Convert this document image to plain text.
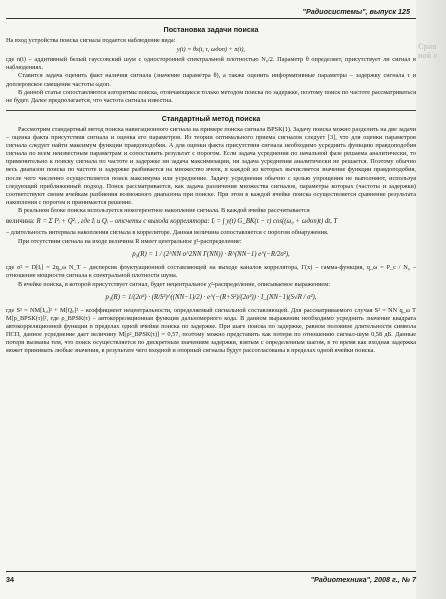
Срав ной о
"Радиосистемы", выпуск 125
Постановка задачи поиска

На вход устройства поиска сигнала подается наблюдение вида:

y(t) = θs(t, τ, ωдоп) + n(t),

где n(t) – аддитивный белый гауссовский шум с односторонней спектральной плотностью N₀/2. Параметр θ определяет, присутствует ли сигнал в наблюдениях.

Ставится задача оценить факт наличия сигнала (значение параметра θ), а также оценить информативные параметры – задержку сигнала τ и доплеровское смещение частоты ωдоп.

В данной статье сопоставляются алгоритмы поиска, отличающиеся только методом поиска по задержке, поэтому поиск по частоте рассматриваться не будет. Далее предполагается, что частота сигнала известна.

Стандартный метод поиска

Рассмотрим стандартный метод поиска навигационного сигнала на примере поиска сигнала BPSK(1). Задачу поиска можно разделить на две задачи – оценка факта присутствия сигнала и оценка его параметров. Из теории оптимального приема сигналов следует [3], что для оценки параметров сигнала следует найти максимум функции правдоподобия. А для оценки факта присутствия сигнала необходимо усреднить функцию правдоподобия сигнала по всем неизвестным параметрам и сопоставить результат с порогом. Если задача усреднения по начальной фазе решаема аналитически, то применительно к поиску сигнала по частоте и задержке ни задача максимизации, ни задача усреднения аналитически не решается. Поэтому обычно весь диапазон поиска по частоте и задержке разбивается на множество ячеек, в каждой из которых вычисляется значение функции правдоподобия, после чего численно осуществляется поиск максимума или усреднение. Задачу усреднения обычно с целью упрощения не выполняют, используя следующий приближенный подход. Поиск рассматривается, как задача различения множества сигналов, параметры которых (частоты и задержки) соответствуют своим ячейкам разбиения возможного диапазона при поиске. При этом в каждой ячейке поиска осуществляется сравнение результата накопления с порогом и принимается решение.

В реальном блоке поиска используется некогерентное накопление сигнала. В каждой ячейке рассчитывается

величина: R = Σ I²ᵢ + Q²ᵢ , где Iᵢ и Qᵢ – отсчеты с выхода коррелятора: Iᵢ = ∫ y(t) G_BK(t − τ) cos((ω₀ + ωдоп)t) dt, T

– длительность интервала накопления сигнала в корреляторе. Данная величина сопоставляется с порогом обнаружения.

При отсутствии сигнала на входе величина R имеет центральное χ²-распределение:

p₀(R) = 1 / (2^NN σ^2NN Γ(NN)) · R^(NN−1) e^(−R/2σ²),

где σ² = D[Iᵢ] = 2q_ω N_T – дисперсия флуктуационной составляющей на выходе каналов коррелятора, Γ(x) – гамма-функция, q_ω = P_c / N₀ – отношение мощности сигнала к спектральной плотности шума.

В ячейке поиска, в которой присутствует сигнал, будет нецентральное χ²-распределение, описываемое выражением:

p₁(R) = 1/(2σ²) · (R/S²)^((NN−1)/2) · e^(−(R+S²)/(2σ²)) · I_(NN−1)(S√R / σ²),

где S² = NM[Iᵢ,ᵢ]² + M[Qᵢᵢ]² – коэффициент нецентральности, определяемый сигнальной составляющей. Для рассматриваемого случая S² = NN q_ω T M[ρ_BPSK(τ)]², где ρ_BPSK(τ) – автокорреляционная функция дальномерного кода. В данном выражении необходимо усреднить значение квадрата автокорреляционной функции в пределах одной ячейки поиска по задержке. При шаге поиска по задержке, равном половине длительности символа ПСП, данное усреднение дает величину M[ρ²_BPSK(τ)] = 0,57, поэтому можно представить как потери по отношению сигнал-шум 0,58 дБ. Данные потери вызваны тем, что поиск осуществляется по дискретным значениям задержки, взятым с определенным шагом, в то время как входная задержка может принимать любые значения, в результате чего входной и опорный сигналы будут рассогласованы в пределах одной ячейки поиска.

34	"Радиотехника", 2008 г., № 7
